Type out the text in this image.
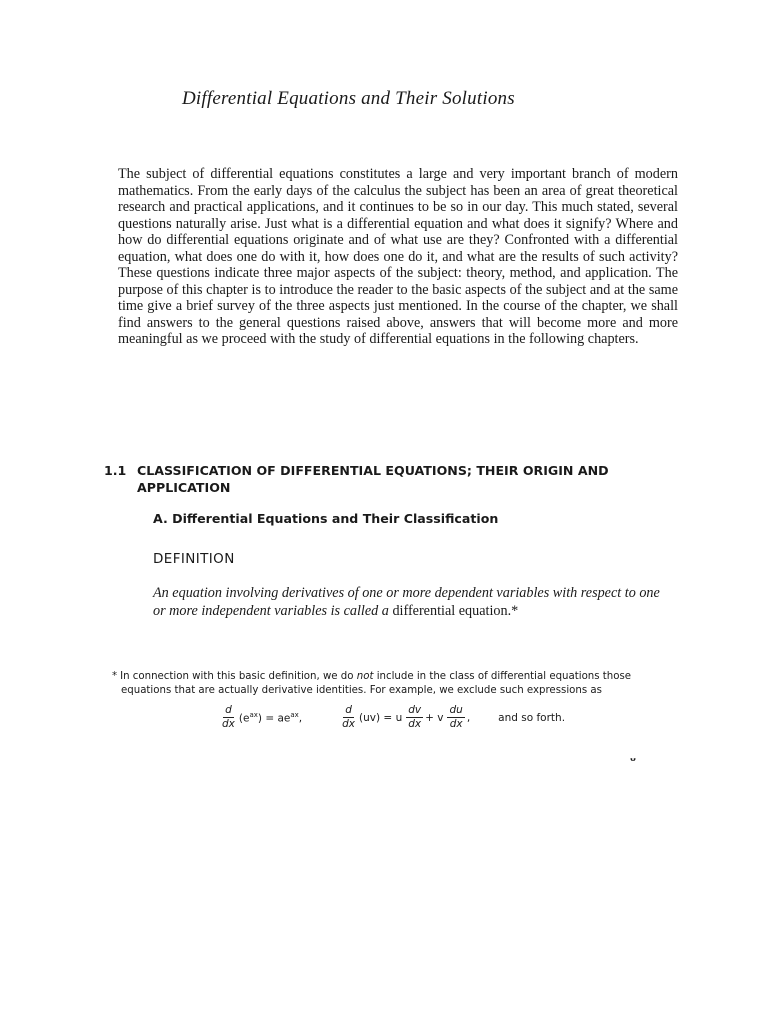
Differential Equations and Their Solutions

The subject of differential equations constitutes a large and very important branch of modern mathematics. From the early days of the calculus the subject has been an area of great theoretical research and practical applications, and it continues to be so in our day. This much stated, several questions naturally arise. Just what is a differential equation and what does it signify? Where and how do differential equations originate and of what use are they? Confronted with a differential equation, what does one do with it, how does one do it, and what are the results of such activity? These questions indicate three major aspects of the subject: theory, method, and application. The purpose of this chapter is to introduce the reader to the basic aspects of the subject and at the same time give a brief survey of the three aspects just mentioned. In the course of the chapter, we shall find answers to the general questions raised above, answers that will become more and more meaningful as we proceed with the study of differential equations in the following chapters.

1.1 CLASSIFICATION OF DIFFERENTIAL EQUATIONS; THEIR ORIGIN AND APPLICATION
A. Differential Equations and Their Classification
DEFINITION

An equation involving derivatives of one or more dependent variables with respect to one or more independent variables is called a differential equation.*

* In connection with this basic definition, we do not include in the class of differential equations those
equations that are actually derivative identities. For example, we exclude such expressions as

$\frac{d}{dx} (e^{ax}) = ae^{ax}$,	$\frac{d}{dx} (uv) = u \frac{dv}{dx} + v \frac{du}{dx}$ ,	and so forth.
ᴗ
